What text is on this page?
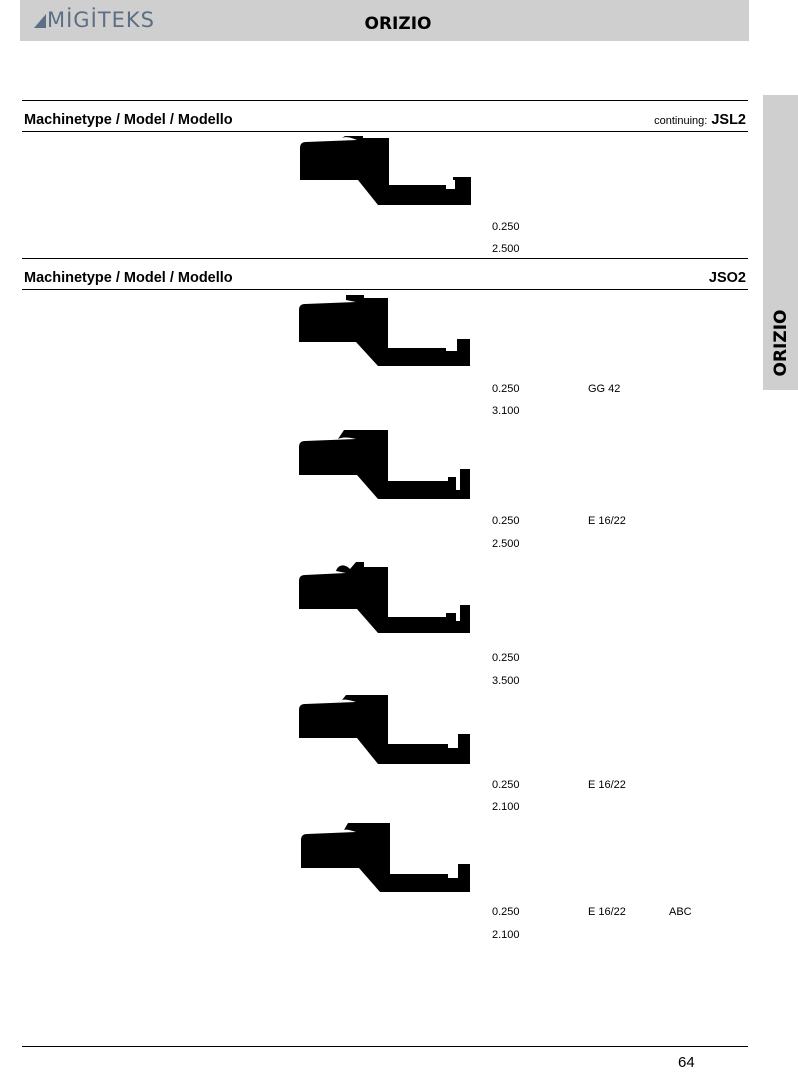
MİGİTEKS	ORIZIO
ORIZIO
Machinetype / Model / Modello	continuing: JSL2
0.250
2.500
Machinetype / Model / Modello	JSO2
0.250	GG 42
3.100
0.250	E 16/22
2.500
0.250
3.500
0.250	E 16/22
2.100
0.250	E 16/22	ABC
2.100
64
